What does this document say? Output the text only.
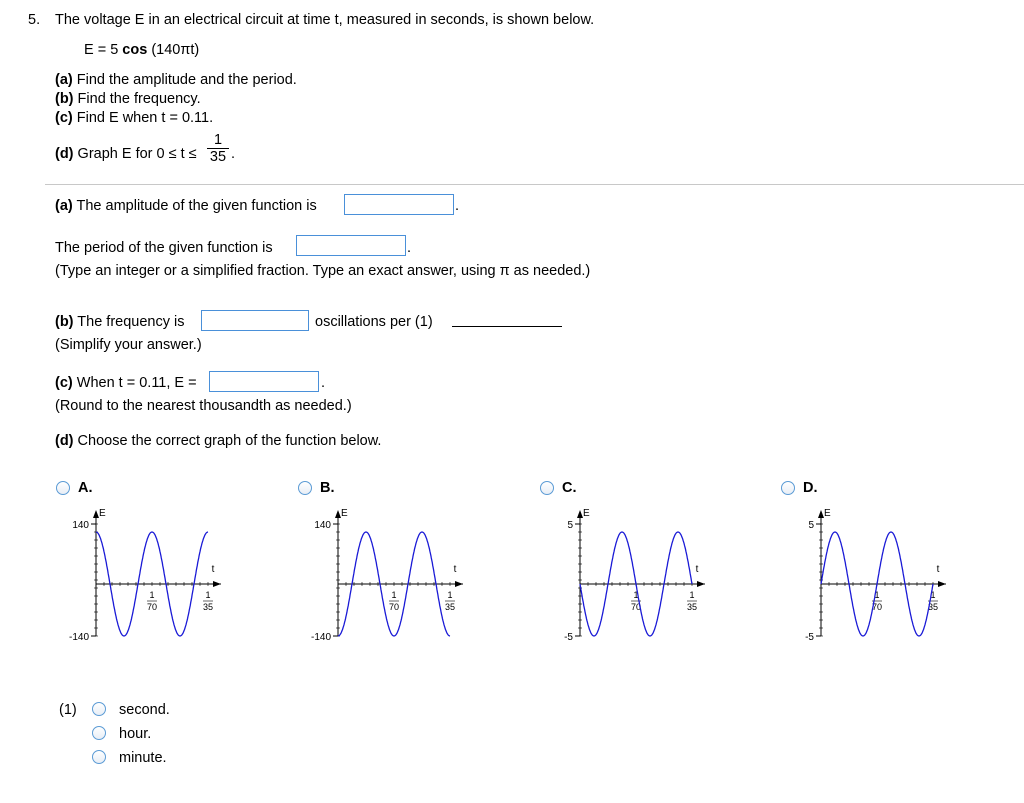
5. The voltage E in an electrical circuit at time t, measured in seconds, is shown below.
E = 5 cos (140πt)
(a) Find the amplitude and the period.
(b) Find the frequency.
(c) Find E when t = 0.11.
(d) Graph E for $0 \le t \le \frac{1}{35}$ .
(a) The amplitude of the given function is	.
The period of the given function is	.
(Type an integer or a simplified fraction. Type an exact answer, using π as needed.)
(b) The frequency is	oscillations per (1)
(Simplify your answer.)
(c) When t = 0.11, E =	.
(Round to the nearest thousandth as needed.)
(d) Choose the correct graph of the function below.
A.
E
140
-140
t
1
70
1
35
B.
E
140
-140
t
1
70
1
35
C.
E
5
-5
t
1
70
1
35
D.
E
5
-5
t
1
70
1
35
(1)	second.
hour.
minute.
